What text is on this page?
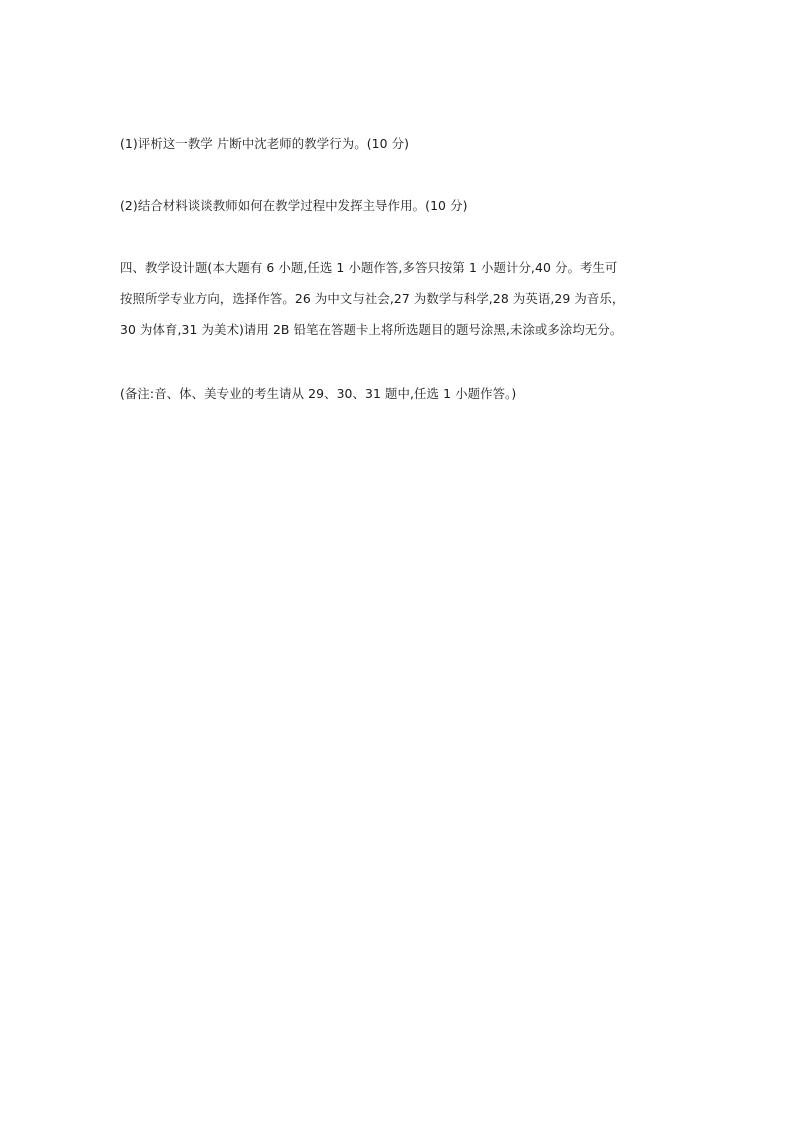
(1)评析这一教学 片断中沈老师的教学行为。(10 分)
(2)结合材料谈谈教师如何在教学过程中发挥主导作用。(10 分)
四、教学设计题(本大题有 6 小题,任选 1 小题作答,多答只按第 1 小题计分,40 分。考生可
按照所学专业方向，选择作答。26 为中文与社会,27 为数学与科学,28 为英语,29 为音乐，
30 为体育,31 为美术)请用 2B 铅笔在答题卡上将所选题目的题号涂黑,未涂或多涂均无分。
(备注:音、体、美专业的考生请从 29、30、31 题中,任选 1 小题作答。)
